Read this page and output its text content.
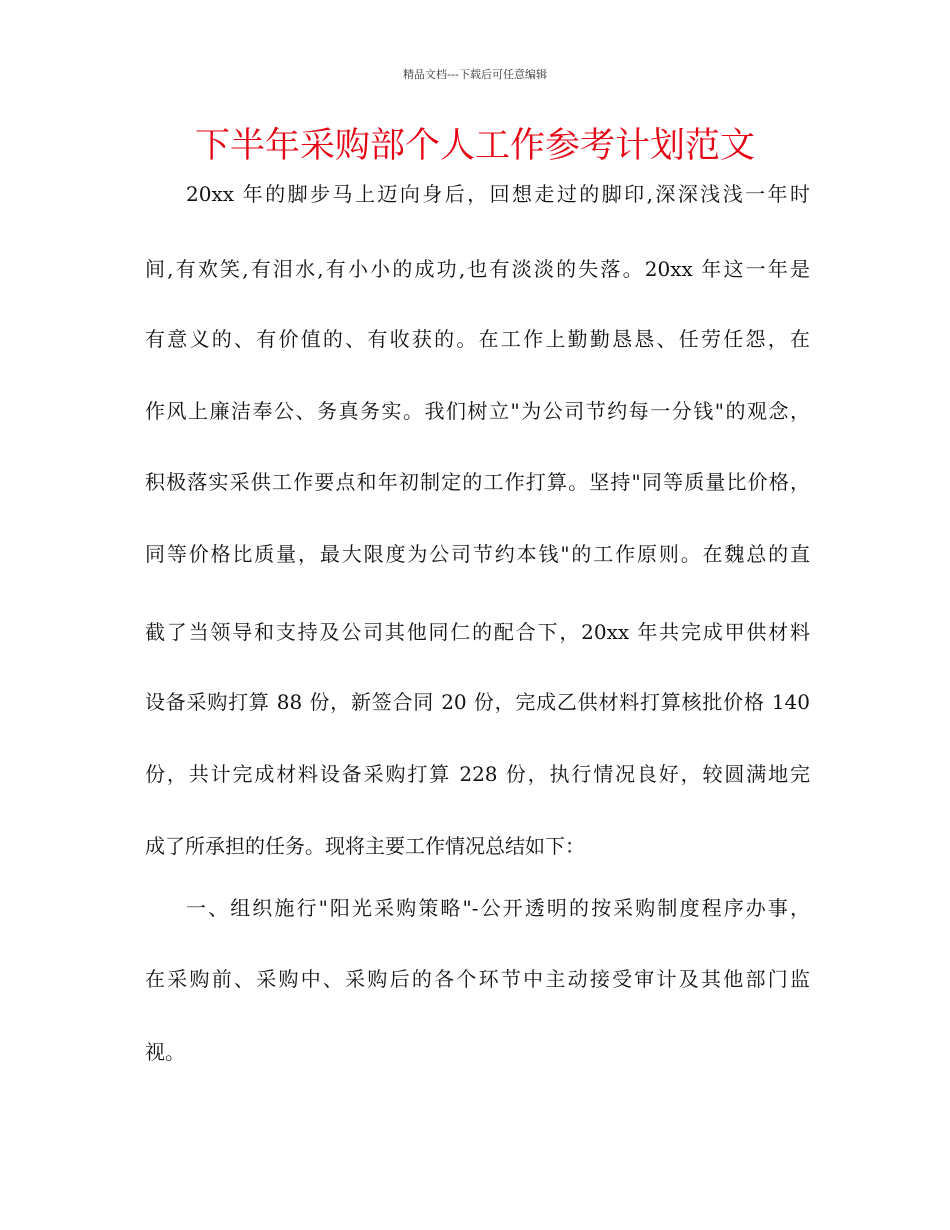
精品文档---下载后可任意编辑
下半年采购部个人工作参考计划范文
20xx 年的脚步马上迈向身后，回想走过的脚印,深深浅浅一年时
间,有欢笑,有泪水,有小小的成功,也有淡淡的失落。20xx 年这一年是
有意义的、有价值的、有收获的。在工作上勤勤恳恳、任劳任怨，在
作风上廉洁奉公、务真务实。我们树立"为公司节约每一分钱"的观念，
积极落实采供工作要点和年初制定的工作打算。坚持"同等质量比价格，
同等价格比质量，最大限度为公司节约本钱"的工作原则。在魏总的直
截了当领导和支持及公司其他同仁的配合下，20xx 年共完成甲供材料
设备采购打算 88 份，新签合同 20 份，完成乙供材料打算核批价格 140
份，共计完成材料设备采购打算 228 份，执行情况良好，较圆满地完
成了所承担的任务。现将主要工作情况总结如下：
一、组织施行"阳光采购策略"-公开透明的按采购制度程序办事，
在采购前、采购中、采购后的各个环节中主动接受审计及其他部门监
视。
